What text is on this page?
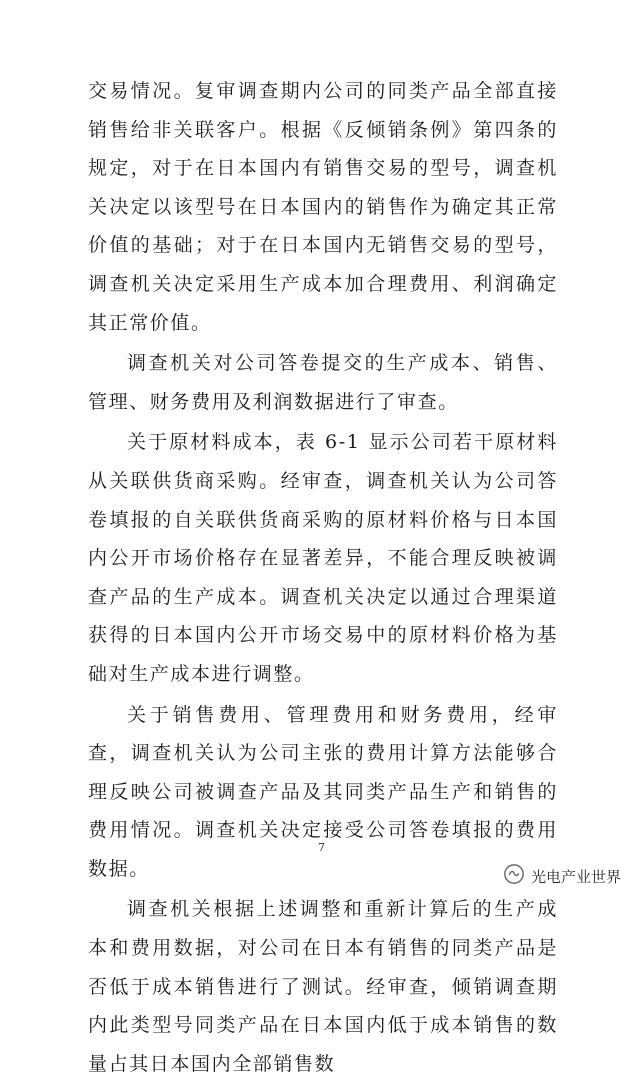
交易情况。复审调查期内公司的同类产品全部直接销售给非关联客户。根据《反倾销条例》第四条的规定，对于在日本国内有销售交易的型号，调查机关决定以该型号在日本国内的销售作为确定其正常价值的基础；对于在日本国内无销售交易的型号，调查机关决定采用生产成本加合理费用、利润确定其正常价值。

调查机关对公司答卷提交的生产成本、销售、管理、财务费用及利润数据进行了审查。

关于原材料成本，表 6-1 显示公司若干原材料从关联供货商采购。经审查，调查机关认为公司答卷填报的自关联供货商采购的原材料价格与日本国内公开市场价格存在显著差异，不能合理反映被调查产品的生产成本。调查机关决定以通过合理渠道获得的日本国内公开市场交易中的原材料价格为基础对生产成本进行调整。

关于销售费用、管理费用和财务费用，经审查，调查机关认为公司主张的费用计算方法能够合理反映公司被调查产品及其同类产品生产和销售的费用情况。调查机关决定接受公司答卷填报的费用数据。

调查机关根据上述调整和重新计算后的生产成本和费用数据，对公司在日本有销售的同类产品是否低于成本销售进行了测试。经审查，倾销调查期内此类型号同类产品在日本国内低于成本销售的数量占其日本国内全部销售数

7
光电产业世界
